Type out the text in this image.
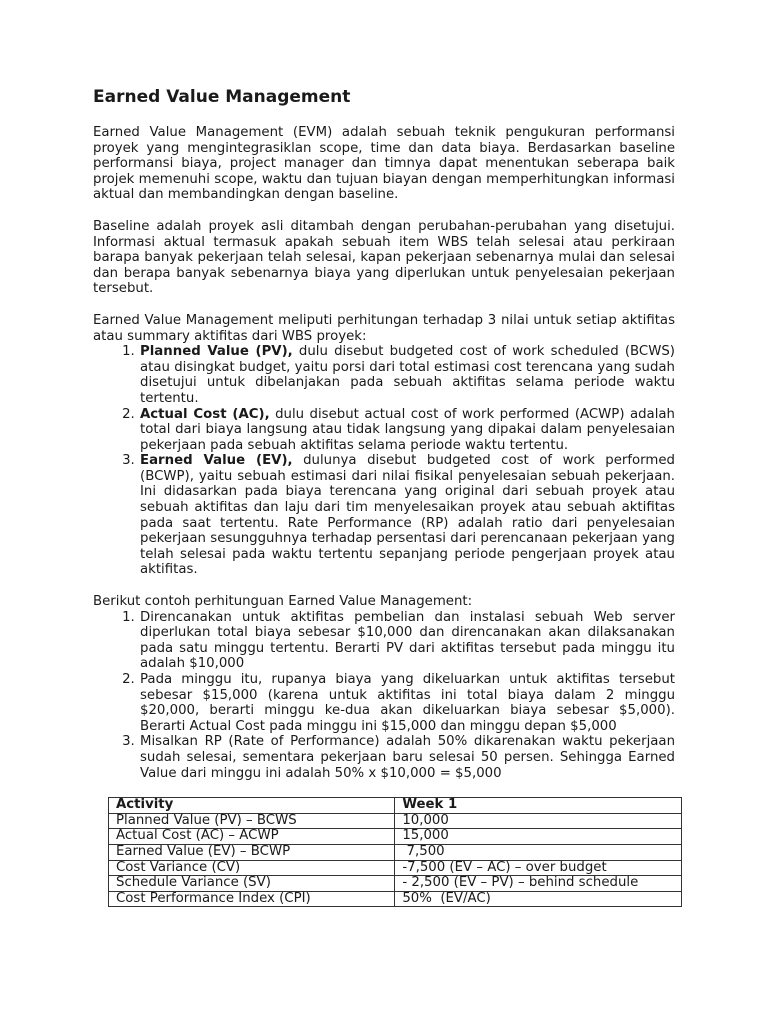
Earned Value Management

Earned Value Management (EVM) adalah sebuah teknik pengukuran performansi proyek yang mengintegrasiklan scope, time dan data biaya. Berdasarkan baseline performansi biaya, project manager dan timnya dapat menentukan seberapa baik projek memenuhi scope, waktu dan tujuan biayan dengan memperhitungkan informasi aktual dan membandingkan dengan baseline.

Baseline adalah proyek asli ditambah dengan perubahan-perubahan yang disetujui. Informasi aktual termasuk apakah sebuah item WBS telah selesai atau perkiraan barapa banyak pekerjaan telah selesai, kapan pekerjaan sebenarnya mulai dan selesai dan berapa banyak sebenarnya biaya yang diperlukan untuk penyelesaian pekerjaan tersebut.

Earned Value Management meliputi perhitungan terhadap 3 nilai untuk setiap aktifitas atau summary aktifitas dari WBS proyek:

1. Planned Value (PV), dulu disebut budgeted cost of work scheduled (BCWS) atau disingkat budget, yaitu porsi dari total estimasi cost terencana yang sudah disetujui untuk dibelanjakan pada sebuah aktifitas selama periode waktu tertentu.
2. Actual Cost (AC), dulu disebut actual cost of work performed (ACWP) adalah total dari biaya langsung atau tidak langsung yang dipakai dalam penyelesaian pekerjaan pada sebuah aktifitas selama periode waktu tertentu.
3. Earned Value (EV), dulunya disebut budgeted cost of work performed (BCWP), yaitu sebuah estimasi dari nilai fisikal penyelesaian sebuah pekerjaan. Ini didasarkan pada biaya terencana yang original dari sebuah proyek atau sebuah aktifitas dan laju dari tim menyelesaikan proyek atau sebuah aktifitas pada saat tertentu. Rate Performance (RP) adalah ratio dari penyelesaian pekerjaan sesungguhnya terhadap persentasi dari perencanaan pekerjaan yang telah selesai pada waktu tertentu sepanjang periode pengerjaan proyek atau aktifitas.

Berikut contoh perhitunguan Earned Value Management:

1. Direncanakan untuk aktifitas pembelian dan instalasi sebuah Web server diperlukan total biaya sebesar $10,000 dan direncanakan akan dilaksanakan pada satu minggu tertentu. Berarti PV dari aktifitas tersebut pada minggu itu adalah $10,000
2. Pada minggu itu, rupanya biaya yang dikeluarkan untuk aktifitas tersebut sebesar $15,000 (karena untuk aktifitas ini total biaya dalam 2 minggu $20,000, berarti minggu ke-dua akan dikeluarkan biaya sebesar $5,000). Berarti Actual Cost pada minggu ini $15,000 dan minggu depan $5,000
3. Misalkan RP (Rate of Performance) adalah 50% dikarenakan waktu pekerjaan sudah selesai, sementara pekerjaan baru selesai 50 persen. Sehingga Earned Value dari minggu ini adalah 50% x $10,000 = $5,000
Activity	Week 1
Planned Value (PV) – BCWS	10,000
Actual Cost (AC) – ACWP	15,000
Earned Value (EV) – BCWP	7,500
Cost Variance (CV)	-7,500 (EV – AC) – over budget
Schedule Variance (SV)	- 2,500 (EV – PV) – behind schedule
Cost Performance Index (CPI)	50%  (EV/AC)
